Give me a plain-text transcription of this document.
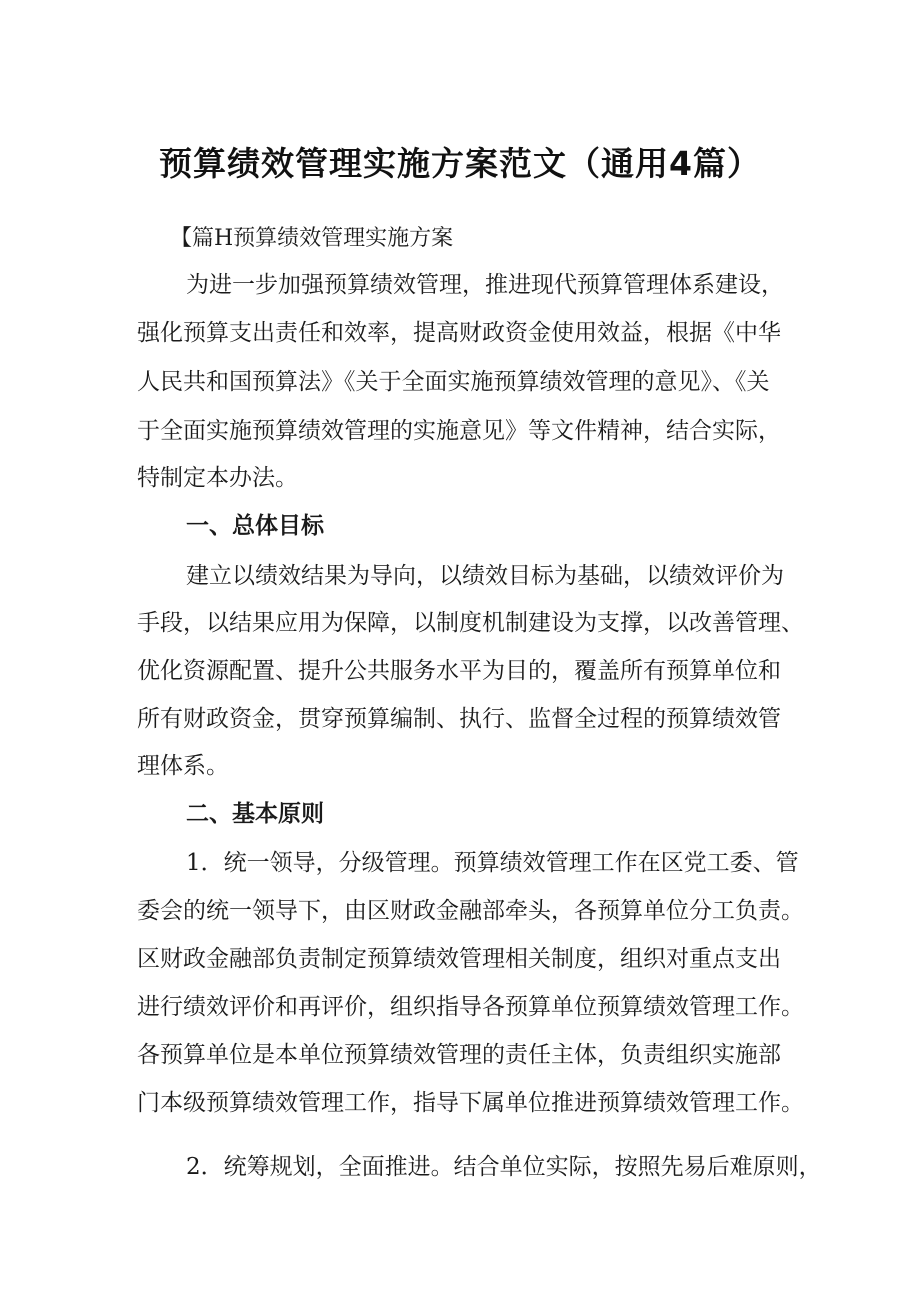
预算绩效管理实施方案范文（通用4篇）
【篇H预算绩效管理实施方案
为进一步加强预算绩效管理，推进现代预算管理体系建设，
强化预算支出责任和效率，提高财政资金使用效益，根据《中华
人民共和国预算法》《关于全面实施预算绩效管理的意见》、《关
于全面实施预算绩效管理的实施意见》等文件精神，结合实际，
特制定本办法。
一、总体目标
建立以绩效结果为导向，以绩效目标为基础，以绩效评价为
手段，以结果应用为保障，以制度机制建设为支撑，以改善管理、
优化资源配置、提升公共服务水平为目的，覆盖所有预算单位和
所有财政资金，贯穿预算编制、执行、监督全过程的预算绩效管
理体系。
二、基本原则
1．统一领导，分级管理。预算绩效管理工作在区党工委、管
委会的统一领导下，由区财政金融部牵头，各预算单位分工负责。
区财政金融部负责制定预算绩效管理相关制度，组织对重点支出
进行绩效评价和再评价，组织指导各预算单位预算绩效管理工作。
各预算单位是本单位预算绩效管理的责任主体，负责组织实施部
门本级预算绩效管理工作，指导下属单位推进预算绩效管理工作。
2．统筹规划，全面推进。结合单位实际，按照先易后难原则，
